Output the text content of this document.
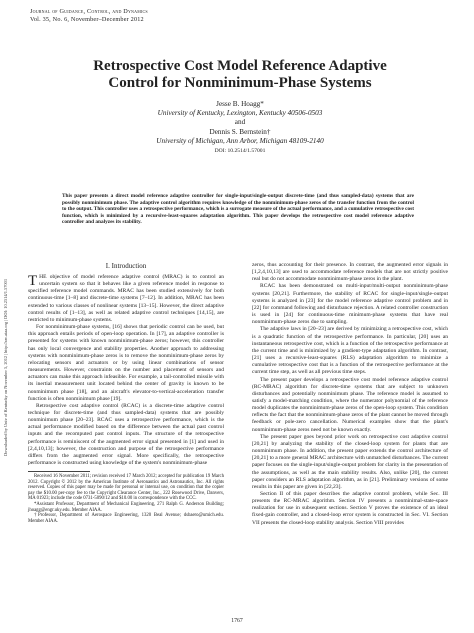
Journal of Guidance, Control, and Dynamics
Vol. 35, No. 6, November–December 2012
Retrospective Cost Model Reference Adaptive
Control for Nonminimum-Phase Systems
Jesse B. Hoagg*
University of Kentucky, Lexington, Kentucky 40506-0503
and
Dennis S. Bernstein†
University of Michigan, Ann Arbor, Michigan 48109-2140
DOI: 10.2514/1.57001
This paper presents a direct model reference adaptive controller for single-input/single-output discrete-time (and thus sampled-data) systems that are possibly nonminimum phase. The adaptive control algorithm requires knowledge of the nonminimum-phase zeros of the transfer function from the control to the output. This controller uses a retrospective performance, which is a surrogate measure of the actual performance, and a cumulative retrospective cost function, which is minimized by a recursive-least-squares adaptation algorithm. This paper develops the retrospective cost model reference adaptive controller and analyzes its stability.
Downloaded by Univ of Kentucky on November 5, 2012 | http://arc.aiaa.org | DOI: 10.2514/1.57001
I. Introduction

THE objective of model reference adaptive control (MRAC) is to control an uncertain system so that it behaves like a given reference model in response to specified reference model commands. MRAC has been studied extensively for both continuous-time [1–8] and discrete-time systems [7–12]. In addition, MRAC has been extended to various classes of nonlinear systems [13–15]. However, the direct adaptive control results of [1–13], as well as related adaptive control techniques [14,15], are restricted to minimum-phase systems.

For nonminimum-phase systems, [16] shows that periodic control can be used, but this approach entails periods of open-loop operation. In [17], an adaptive controller is presented for systems with known nonminimum-phase zeros; however, this controller has only local convergence and stability properties. Another approach to addressing systems with nonminimum-phase zeros is to remove the nonminimum-phase zeros by relocating sensors and actuators or by using linear combinations of sensor measurements. However, constraints on the number and placement of sensors and actuators can make this approach infeasible. For example, a tail-controlled missile with its inertial measurement unit located behind the center of gravity is known to be nonminimum phase [18], and an aircraft's elevator-to-vertical-acceleration transfer function is often nonminimum phase [19].

Retrospective cost adaptive control (RCAC) is a discrete-time adaptive control technique for discrete-time (and thus sampled-data) systems that are possibly nonminimum phase [20–23]. RCAC uses a retrospective performance, which is the actual performance modified based on the difference between the actual past control inputs and the recomputed past control inputs. The structure of the retrospective performance is reminiscent of the augmented error signal presented in [1] and used in [2,4,10,13]; however, the construction and purpose of the retrospective performance differs from the augmented error signal. More specifically, the retrospective performance is constructed using knowledge of the system's nonminimum-phase

Received 16 November 2011; revision received 17 March 2012; accepted for publication 19 March 2012. Copyright © 2012 by the American Institute of Aeronautics and Astronautics, Inc. All rights reserved. Copies of this paper may be made for personal or internal use, on condition that the copier pay the $10.00 per-copy fee to the Copyright Clearance Center, Inc., 222 Rosewood Drive, Danvers, MA 01923; include the code 0731-5090/12 and $10.00 in correspondence with the CCC.

*Assistant Professor, Department of Mechanical Engineering, 271 Ralph G. Anderson Building; jhoagg@engr.uky.edu. Member AIAA.

†Professor, Department of Aerospace Engineering, 1320 Beal Avenue; dsbaero@umich.edu. Member AIAA.

zeros, thus accounting for their presence. In contrast, the augmented error signals in [1,2,4,10,13] are used to accommodate reference models that are not strictly positive real but do not accommodate nonminimum-phase zeros in the plant.

RCAC has been demonstrated on multi-input/multi-output nonminimum-phase systems [20,21]. Furthermore, the stability of RCAC for single-input/single-output systems is analyzed in [23] for the model reference adaptive control problem and in [22] for command following and disturbance rejection. A related controller construction is used in [24] for continuous-time minimum-phase systems that have real nonminimum-phase zeros due to sampling.

The adaptive laws in [20–23] are derived by minimizing a retrospective cost, which is a quadratic function of the retrospective performance. In particular, [20] uses an instantaneous retrospective cost, which is a function of the retrospective performance at the current time and is minimized by a gradient-type adaptation algorithm. In contrast, [21] uses a recursive-least-squares (RLS) adaptation algorithm to minimize a cumulative retrospective cost that is a function of the retrospective performance at the current time step, as well as all previous time steps.

The present paper develops a retrospective cost model reference adaptive control (RC-MRAC) algorithm for discrete-time systems that are subject to unknown disturbances and potentially nonminimum phase. The reference model is assumed to satisfy a model-matching condition, where the numerator polynomial of the reference model duplicates the nonminimum-phase zeros of the open-loop system. This condition reflects the fact that the nonminimum-phase zeros of the plant cannot be moved through feedback or pole-zero cancellation. Numerical examples show that the plant's nonminimum-phase zeros need not be known exactly.

The present paper goes beyond prior work on retrospective cost adaptive control [20,21] by analyzing the stability of the closed-loop system for plants that are nonminimum phase. In addition, the present paper extends the control architecture of [20,21] to a more general MRAC architecture with unmatched disturbances. The current paper focuses on the single-input/single-output problem for clarity in the presentation of the assumptions, as well as the main stability results. Also, unlike [20], the current paper considers an RLS adaptation algorithm, as in [21]. Preliminary versions of some results in this paper are given in [22,23].

Section II of this paper describes the adaptive control problem, while Sec. III presents the RC-MRAC algorithm. Section IV presents a nonminimal-state-space realization for use in subsequent sections. Section V proves the existence of an ideal fixed-gain controller, and a closed-loop error system is constructed in Sec. VI. Section VII presents the closed-loop stability analysis. Section VIII provides

1767
